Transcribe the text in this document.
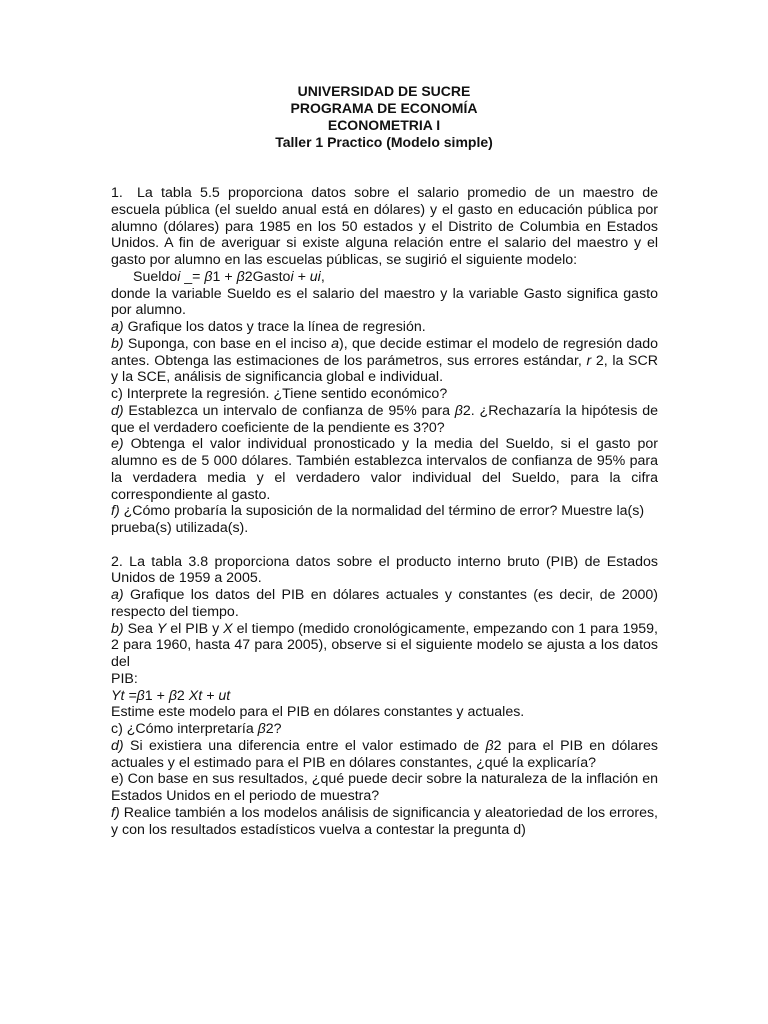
UNIVERSIDAD DE SUCRE
PROGRAMA DE ECONOMÍA
ECONOMETRIA I
Taller 1 Practico (Modelo simple)

1. La tabla 5.5 proporciona datos sobre el salario promedio de un maestro de escuela pública (el sueldo anual está en dólares) y el gasto en educación pública por alumno (dólares) para 1985 en los 50 estados y el Distrito de Columbia en Estados Unidos. A fin de averiguar si existe alguna relación entre el salario del maestro y el gasto por alumno en las escuelas públicas, se sugirió el siguiente modelo:

Sueldoi _= β1 + β2Gastoi + ui,

donde la variable Sueldo es el salario del maestro y la variable Gasto significa gasto por alumno.

a) Grafique los datos y trace la línea de regresión.

b) Suponga, con base en el inciso a), que decide estimar el modelo de regresión dado antes. Obtenga las estimaciones de los parámetros, sus errores estándar, r 2, la SCR y la SCE, análisis de significancia global e individual.

c) Interprete la regresión. ¿Tiene sentido económico?

d) Establezca un intervalo de confianza de 95% para β2. ¿Rechazaría la hipótesis de que el verdadero coeficiente de la pendiente es 3?0?

e) Obtenga el valor individual pronosticado y la media del Sueldo, si el gasto por alumno es de 5 000 dólares. También establezca intervalos de confianza de 95% para la verdadera media y el verdadero valor individual del Sueldo, para la cifra correspondiente al gasto.

f) ¿Cómo probaría la suposición de la normalidad del término de error? Muestre la(s)

prueba(s) utilizada(s).

2. La tabla 3.8 proporciona datos sobre el producto interno bruto (PIB) de Estados Unidos de 1959 a 2005.

a) Grafique los datos del PIB en dólares actuales y constantes (es decir, de 2000) respecto del tiempo.

b) Sea Y el PIB y X el tiempo (medido cronológicamente, empezando con 1 para 1959, 2 para 1960, hasta 47 para 2005), observe si el siguiente modelo se ajusta a los datos del

PIB:

Yt =β1 + β2 Xt + ut

Estime este modelo para el PIB en dólares constantes y actuales.

c) ¿Cómo interpretaría β2?

d) Si existiera una diferencia entre el valor estimado de β2 para el PIB en dólares actuales y el estimado para el PIB en dólares constantes, ¿qué la explicaría?

e) Con base en sus resultados, ¿qué puede decir sobre la naturaleza de la inflación en Estados Unidos en el periodo de muestra?

f) Realice también a los modelos análisis de significancia y aleatoriedad de los errores, y con los resultados estadísticos vuelva a contestar la pregunta d)
